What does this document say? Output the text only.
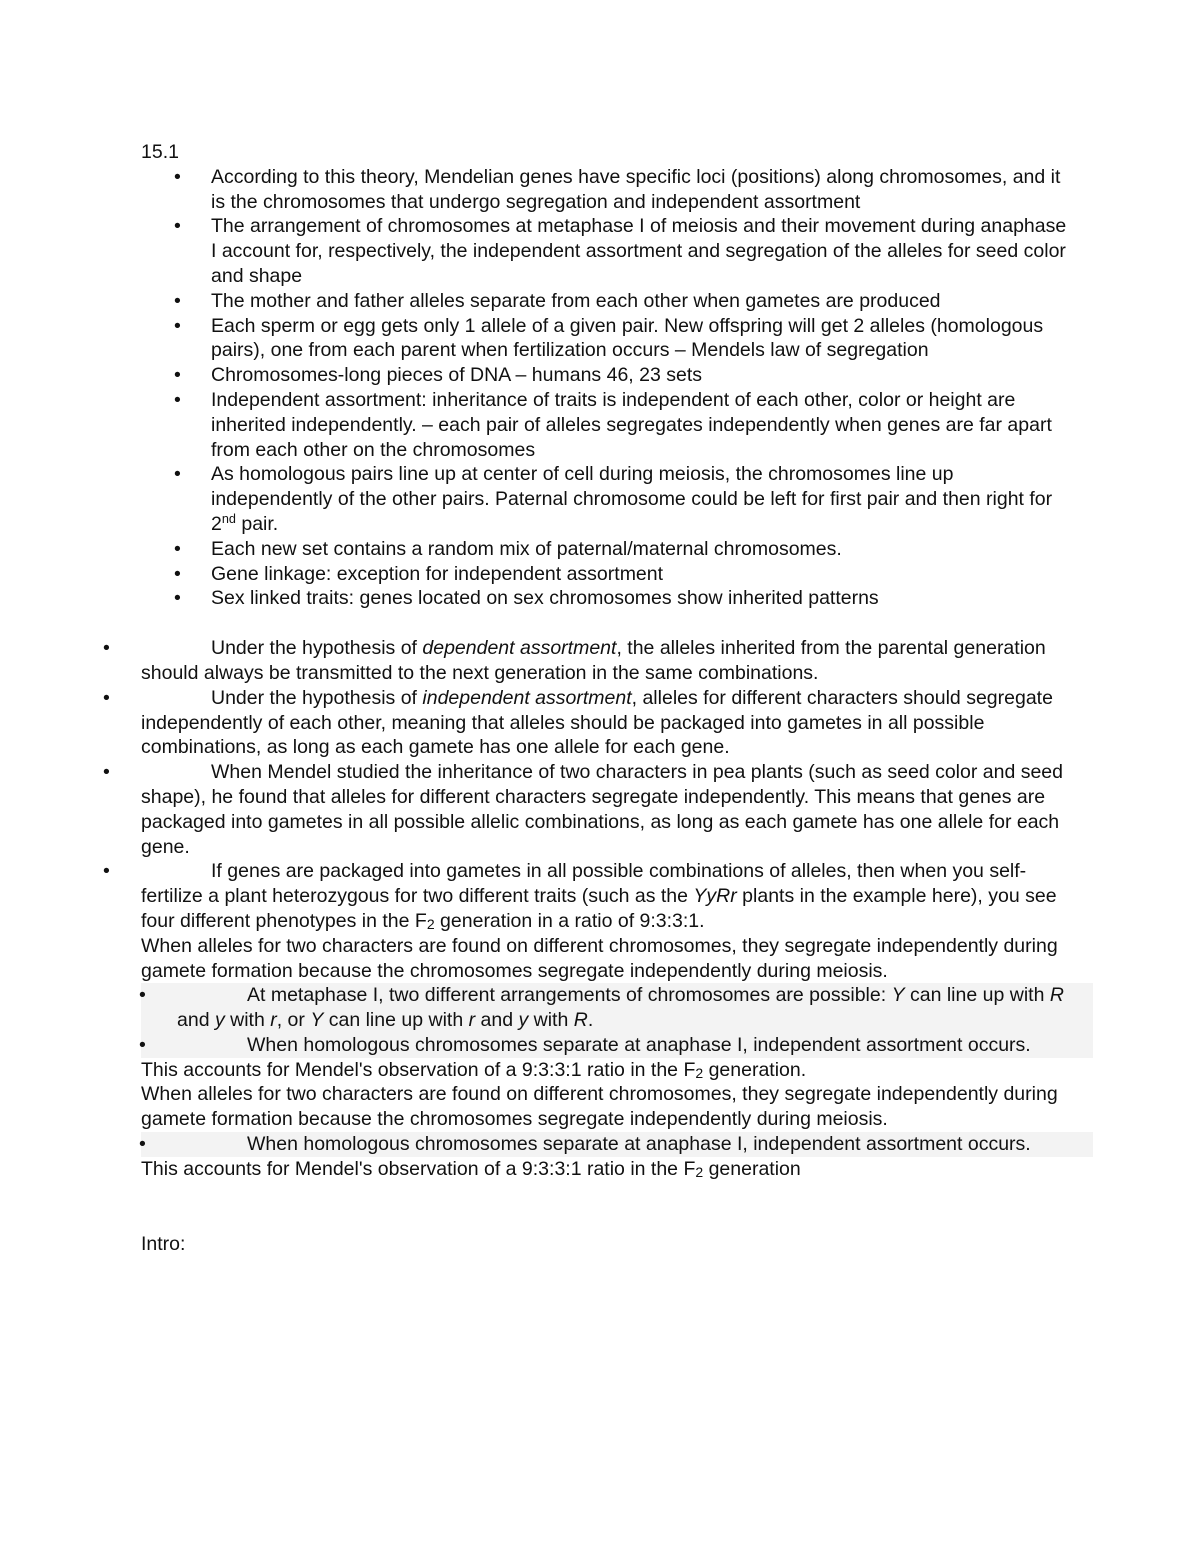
15.1

• According to this theory, Mendelian genes have specific loci (positions) along chromosomes, and it is the chromosomes that undergo segregation and independent assortment
• The arrangement of chromosomes at metaphase I of meiosis and their movement during anaphase I account for, respectively, the independent assortment and segregation of the alleles for seed color and shape
• The mother and father alleles separate from each other when gametes are produced
• Each sperm or egg gets only 1 allele of a given pair. New offspring will get 2 alleles (homologous pairs), one from each parent when fertilization occurs – Mendels law of segregation
• Chromosomes-long pieces of DNA – humans 46, 23 sets
• Independent assortment: inheritance of traits is independent of each other, color or height are inherited independently. – each pair of alleles segregates independently when genes are far apart from each other on the chromosomes
• As homologous pairs line up at center of cell during meiosis, the chromosomes line up independently of the other pairs. Paternal chromosome could be left for first pair and then right for 2nd pair.
• Each new set contains a random mix of paternal/maternal chromosomes.
• Gene linkage: exception for independent assortment
• Sex linked traits: genes located on sex chromosomes show inherited patterns
•	Under the hypothesis of dependent assortment, the alleles inherited from the parental generation should always be transmitted to the next generation in the same combinations.
•	Under the hypothesis of independent assortment, alleles for different characters should segregate independently of each other, meaning that alleles should be packaged into gametes in all possible combinations, as long as each gamete has one allele for each gene.
•	When Mendel studied the inheritance of two characters in pea plants (such as seed color and seed shape), he found that alleles for different characters segregate independently. This means that genes are packaged into gametes in all possible allelic combinations, as long as each gamete has one allele for each gene.
•	If genes are packaged into gametes in all possible combinations of alleles, then when you self-fertilize a plant heterozygous for two different traits (such as the YyRr plants in the example here), you see four different phenotypes in the $F_2$ generation in a ratio of 9:3:3:1.
When alleles for two characters are found on different chromosomes, they segregate independently during gamete formation because the chromosomes segregate independently during meiosis.
•	At metaphase I, two different arrangements of chromosomes are possible: Y can line up with R and y with r, or Y can line up with r and y with R.
•	When homologous chromosomes separate at anaphase I, independent assortment occurs.

This accounts for Mendel's observation of a 9:3:3:1 ratio in the $F_2$ generation.

When alleles for two characters are found on different chromosomes, they segregate independently during gamete formation because the chromosomes segregate independently during meiosis.

•	When homologous chromosomes separate at anaphase I, independent assortment occurs.

This accounts for Mendel's observation of a 9:3:3:1 ratio in the $F_2$ generation

Intro:
